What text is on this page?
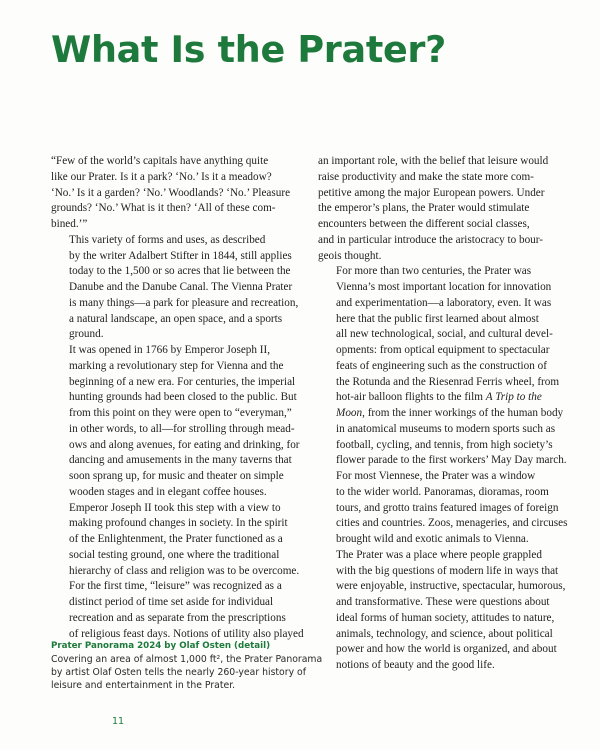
What Is the Prater?

“Few of the world’s capitals have anything quite
like our Prater. Is it a park? ‘No.’ Is it a meadow?
‘No.’ Is it a garden? ‘No.’ Woodlands? ‘No.’ Pleasure
grounds? ‘No.’ What is it then? ‘All of these com-
bined.’”

This variety of forms and uses, as described
by the writer Adalbert Stifter in 1844, still applies
today to the 1,500 or so acres that lie between the
Danube and the Danube Canal. The Vienna Prater
is many things—a park for pleasure and recreation,
a natural landscape, an open space, and a sports
ground.

It was opened in 1766 by Emperor Joseph II,
marking a revolutionary step for Vienna and the
beginning of a new era. For centuries, the imperial
hunting grounds had been closed to the public. But
from this point on they were open to “everyman,”
in other words, to all—for strolling through mead-
ows and along avenues, for eating and drinking, for
dancing and amusements in the many taverns that
soon sprang up, for music and theater on simple
wooden stages and in elegant coffee houses.
Emperor Joseph II took this step with a view to
making profound changes in society. In the spirit
of the Enlightenment, the Prater functioned as a
social testing ground, one where the traditional
hierarchy of class and religion was to be overcome.
For the first time, “leisure” was recognized as a
distinct period of time set aside for individual
recreation and as separate from the prescriptions
of religious feast days. Notions of utility also played

an important role, with the belief that leisure would
raise productivity and make the state more com-
petitive among the major European powers. Under
the emperor’s plans, the Prater would stimulate
encounters between the different social classes,
and in particular introduce the aristocracy to bour-
geois thought.

For more than two centuries, the Prater was
Vienna’s most important location for innovation
and experimentation—a laboratory, even. It was
here that the public first learned about almost
all new technological, social, and cultural devel-
opments: from optical equipment to spectacular
feats of engineering such as the construction of
the Rotunda and the Riesenrad Ferris wheel, from
hot-air balloon flights to the film A Trip to the
Moon, from the inner workings of the human body
in anatomical museums to modern sports such as
football, cycling, and tennis, from high society’s
flower parade to the first workers’ May Day march.

For most Viennese, the Prater was a window
to the wider world. Panoramas, dioramas, room
tours, and grotto trains featured images of foreign
cities and countries. Zoos, menageries, and circuses
brought wild and exotic animals to Vienna.

The Prater was a place where people grappled
with the big questions of modern life in ways that
were enjoyable, instructive, spectacular, humorous,
and transformative. These were questions about
ideal forms of human society, attitudes to nature,
animals, technology, and science, about political
power and how the world is organized, and about
notions of beauty and the good life.

Prater Panorama 2024 by Olaf Osten (detail)
Covering an area of almost 1,000 ft², the Prater Panorama
by artist Olaf Osten tells the nearly 260-year history of
leisure and entertainment in the Prater.
11
